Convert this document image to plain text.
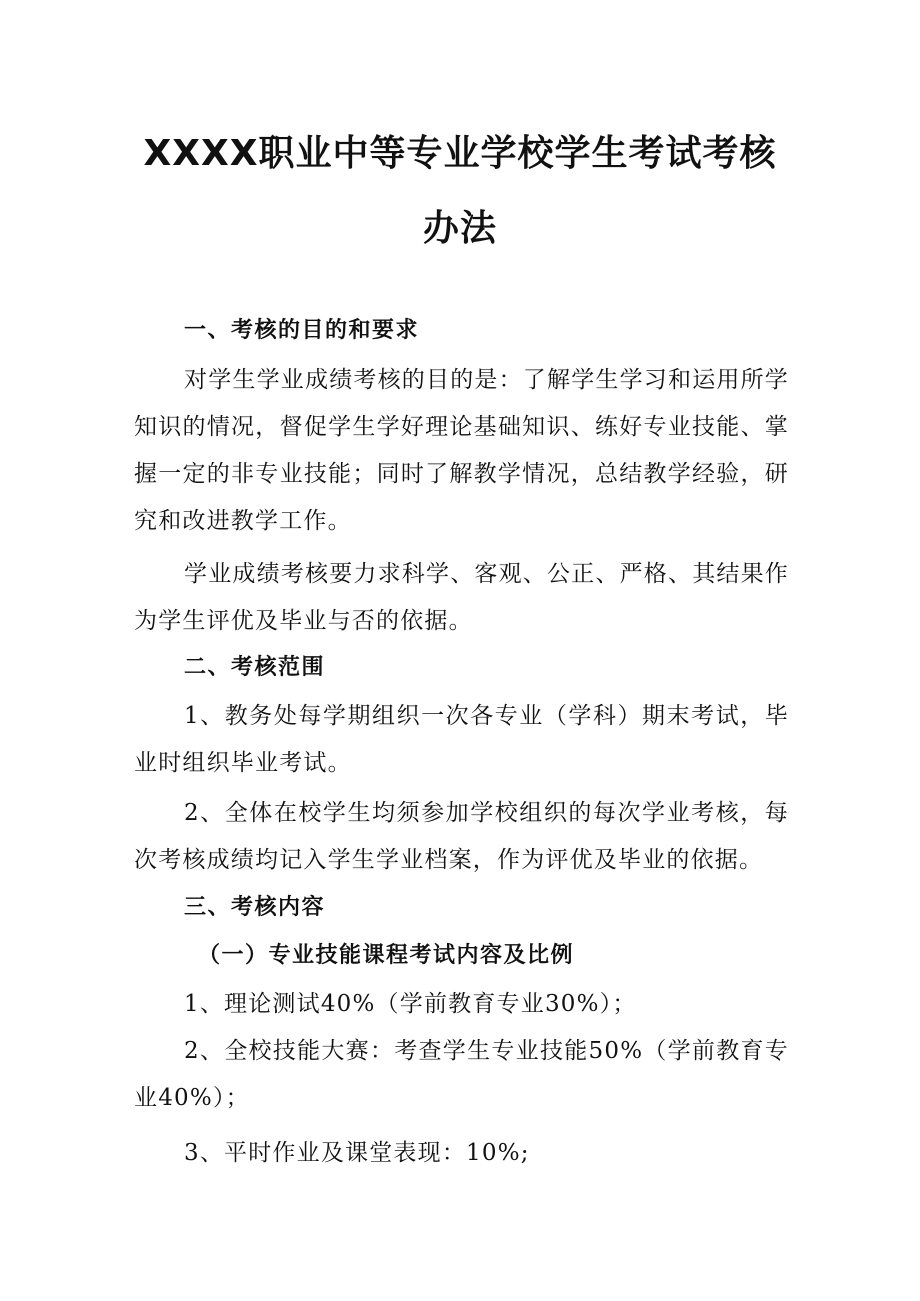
XXXX职业中等专业学校学生考试考核
办法
一、考核的目的和要求
对学生学业成绩考核的目的是：了解学生学习和运用所学知识的情况，督促学生学好理论基础知识、练好专业技能、掌握一定的非专业技能；同时了解教学情况，总结教学经验，研究和改进教学工作。
学业成绩考核要力求科学、客观、公正、严格、其结果作为学生评优及毕业与否的依据。
二、考核范围
1、教务处每学期组织一次各专业（学科）期末考试，毕业时组织毕业考试。
2、全体在校学生均须参加学校组织的每次学业考核，每次考核成绩均记入学生学业档案，作为评优及毕业的依据。
三、考核内容
（一）专业技能课程考试内容及比例
1、理论测试40%（学前教育专业30%）；
2、全校技能大赛：考查学生专业技能50%（学前教育专业40%）；
3、平时作业及课堂表现：10%;
